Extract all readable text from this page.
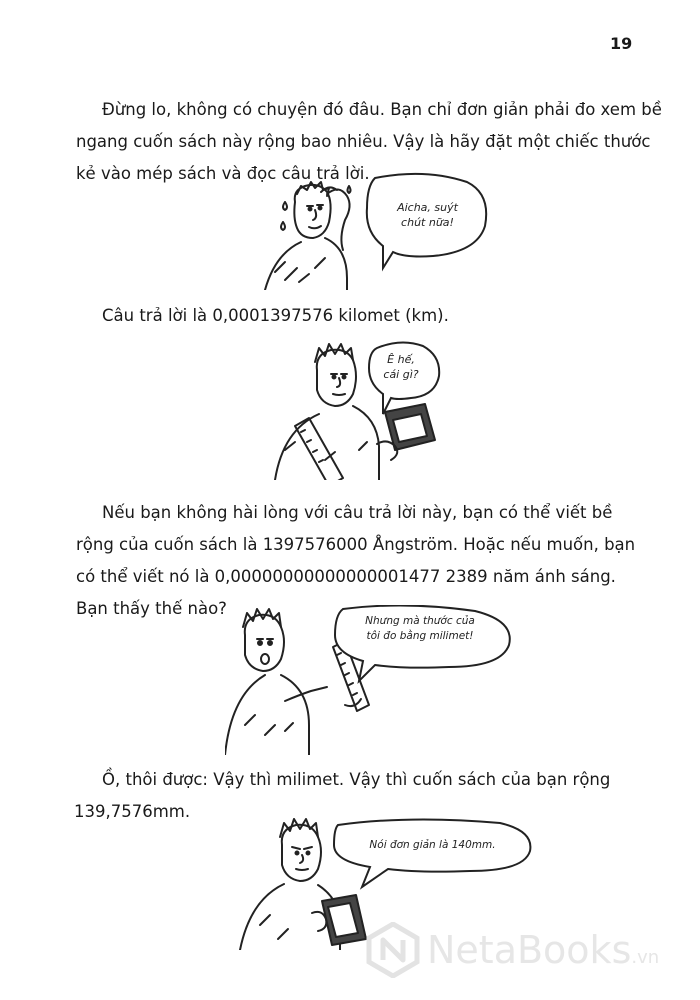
19

Đừng lo, không có chuyện đó đâu. Bạn chỉ đơn giản phải đo xem bề
ngang cuốn sách này rộng bao nhiêu. Vậy là hãy đặt một chiếc thước
kẻ vào mép sách và đọc câu trả lời.

Aicha, suýt
chút nữa!

Câu trả lời là 0,0001397576 kilomet (km).

Ê hế,
cái gì?

Nếu bạn không hài lòng với câu trả lời này, bạn có thể viết bề
rộng của cuốn sách là 1397576000 Ångström. Hoặc nếu muốn, bạn
có thể viết nó là 0,00000000000000001477 2389 năm ánh sáng.
Bạn thấy thế nào?

Nhưng mà thước của
tôi đo bằng milimet!

Ồ, thôi được: Vậy thì milimet. Vậy thì cuốn sách của bạn rộng
139,7576mm.

Nói đơn giản là 140mm.
NetaBooks.vn
